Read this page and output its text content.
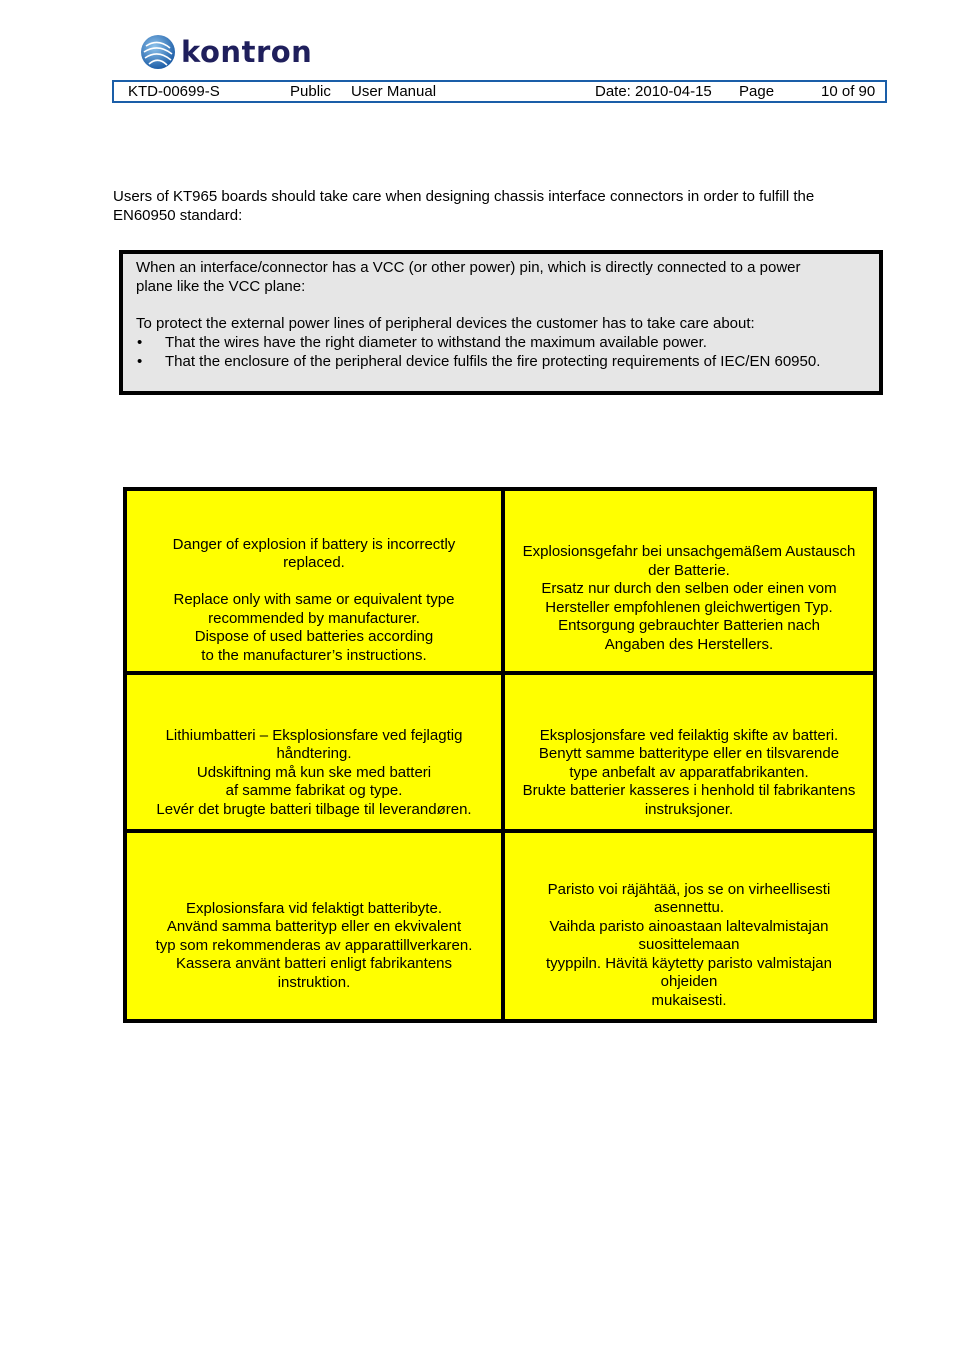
kontron
KTD-00699-S	Public User Manual	Date: 2010-04-15 Page	10 of 90
Users of KT965 boards should take care when designing chassis interface connectors in order to fulfill the
EN60950 standard:

When an interface/connector has a VCC (or other power) pin, which is directly connected to a power

plane like the VCC plane:

To protect the external power lines of peripheral devices the customer has to take care about:

• That the wires have the right diameter to withstand the maximum available power.
• That the enclosure of the peripheral device fulfils the fire protecting requirements of IEC/EN 60950.
Danger of explosion if battery is incorrectly
replaced.
Replace only with same or equivalent type
recommended by manufacturer.
Dispose of used batteries according
to the manufacturer’s instructions.
Explosionsgefahr bei unsachgemäßem Austausch
der Batterie.
Ersatz nur durch den selben oder einen vom
Hersteller empfohlenen gleichwertigen Typ.
Entsorgung gebrauchter Batterien nach
Angaben des Herstellers.
Lithiumbatteri – Eksplosionsfare ved fejlagtig
håndtering.
Udskiftning må kun ske med batteri
af samme fabrikat og type.
Levér det brugte batteri tilbage til leverandøren.
Eksplosjonsfare ved feilaktig skifte av batteri.
Benytt samme batteritype eller en tilsvarende
type anbefalt av apparatfabrikanten.
Brukte batterier kasseres i henhold til fabrikantens
instruksjoner.
Explosionsfara vid felaktigt batteribyte.
Använd samma batterityp eller en ekvivalent
typ som rekommenderas av apparattillverkaren.
Kassera använt batteri enligt fabrikantens
instruktion.
Paristo voi räjähtää, jos se on virheellisesti
asennettu.
Vaihda paristo ainoastaan laltevalmistajan
suosittelemaan
tyyppiln. Hävitä käytetty paristo valmistajan
ohjeiden
mukaisesti.
